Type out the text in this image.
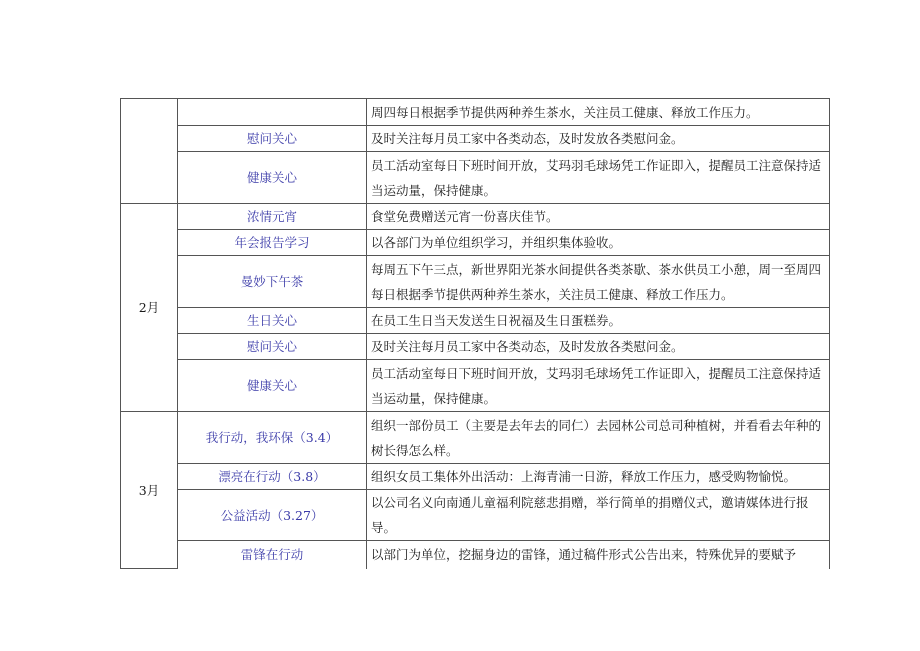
		周四每日根据季节提供两种养生茶水，关注员工健康、释放工作压力。
	慰问关心	及时关注每月员工家中各类动态，及时发放各类慰问金。
	健康关心	员工活动室每日下班时间开放，艾玛羽毛球场凭工作证即入，提醒员工注意保持适当运动量，保持健康。
2月	浓情元宵	食堂免费赠送元宵一份喜庆佳节。
	年会报告学习	以各部门为单位组织学习，并组织集体验收。
	曼妙下午茶	每周五下午三点，新世界阳光茶水间提供各类茶歇、茶水供员工小憩，周一至周四每日根据季节提供两种养生茶水，关注员工健康、释放工作压力。
	生日关心	在员工生日当天发送生日祝福及生日蛋糕券。
	慰问关心	及时关注每月员工家中各类动态，及时发放各类慰问金。
	健康关心	员工活动室每日下班时间开放，艾玛羽毛球场凭工作证即入，提醒员工注意保持适当运动量，保持健康。
3月	我行动，我环保（3.4）	组织一部份员工（主要是去年去的同仁）去园林公司总司种植树，并看看去年种的树长得怎么样。
	漂亮在行动（3.8）	组织女员工集体外出活动：上海青浦一日游，释放工作压力，感受购物愉悦。
	公益活动（3.27）	以公司名义向南通儿童福利院慈悲捐赠，举行简单的捐赠仪式，邀请媒体进行报导。
	雷锋在行动	以部门为单位，挖掘身边的雷锋，通过稿件形式公告出来，特殊优异的要赋予
